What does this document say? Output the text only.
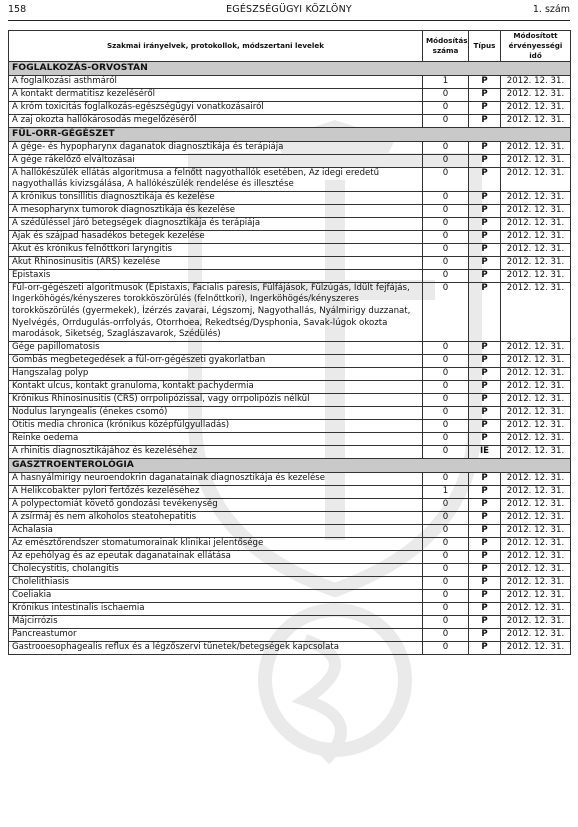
158	EGÉSZSÉGÜGYI KÖZLÖNY	1. szám
Szakmai irányelvek, protokollok, módszertani levelek	Módosítás száma	Típus	Módosított érvényességi idő
FOGLALKOZÁS-ORVOSTAN			
A foglalkozási asthmáról	1	P	2012. 12. 31.
A kontakt dermatitisz kezeléséről	0	P	2012. 12. 31.
A króm toxicitás foglalkozás-egészségügyi vonatkozásairól	0	P	2012. 12. 31.
A zaj okozta hallókárosodás megelőzéséről	0	P	2012. 12. 31.
FÜL-ORR-GÉGÉSZET			
A gége- és hypopharynx daganatok diagnosztikája és terápiája	0	P	2012. 12. 31.
A gége rákelőző elváltozásai	0	P	2012. 12. 31.
A hallókészülék ellátás algoritmusa a felnőtt nagyothallók esetében, Az idegi eredetű nagyothallás kivizsgálása, A hallókészülék rendelése és illesztése	0	P	2012. 12. 31.
A krónikus tonsillitis diagnosztikája és kezelése	0	P	2012. 12. 31.
A mesopharynx tumorok diagnosztikája és kezelése	0	P	2012. 12. 31.
A szédüléssel járó betegségek diagnosztikája és terápiája	0	P	2012. 12. 31.
Ajak és szájpad hasadékos betegek kezelése	0	P	2012. 12. 31.
Akut és krónikus felnőttkori laryngitis	0	P	2012. 12. 31.
Akut Rhinosinusitis (ARS) kezelése	0	P	2012. 12. 31.
Epistaxis	0	P	2012. 12. 31.
Fül-orr-gégészeti algoritmusok (Epistaxis, Facialis paresis, Fülfájások, Fülzúgás, Idült fejfájás, Ingerköhögés/kényszeres torokköszörülés (felnőttkori), Ingerköhögés/kényszeres torokköszörülés (gyermekek), Ízérzés zavarai, Légszomj, Nagyothallás, Nyálmirigy duzzanat, Nyelvégés, Orrdugulás-orrfolyás, Otorrhoea, Rekedtség/Dysphonia, Savak-lúgok okozta marodások, Siketség, Szaglászavarok, Szédülés)	0	P	2012. 12. 31.
Gége papillomatosis	0	P	2012. 12. 31.
Gombás megbetegedések a fül-orr-gégészeti gyakorlatban	0	P	2012. 12. 31.
Hangszalag polyp	0	P	2012. 12. 31.
Kontakt ulcus, kontakt granuloma, kontakt pachydermia	0	P	2012. 12. 31.
Krónikus Rhinosinusitis (CRS) orrpolipózissal, vagy orrpolipózis nélkül	0	P	2012. 12. 31.
Nodulus laryngealis (énekes csomó)	0	P	2012. 12. 31.
Otitis media chronica (krónikus középfülgyulladás)	0	P	2012. 12. 31.
Reinke oedema	0	P	2012. 12. 31.
A rhinitis diagnosztikájához és kezeléséhez	0	IE	2012. 12. 31.
GASZTROENTEROLÓGIA			
A hasnyálmirigy neuroendokrin daganatainak diagnosztikája és kezelése	0	P	2012. 12. 31.
A Helikcobakter pylori fertőzés kezeléséhez	1	P	2012. 12. 31.
A polypectomiát követő gondozási tevékenység	0	P	2012. 12. 31.
A zsírmáj és nem alkoholos steatohepatitis	0	P	2012. 12. 31.
Achalasia	0	P	2012. 12. 31.
Az emésztőrendszer stomatumorainak klinikai jelentősége	0	P	2012. 12. 31.
Az epehólyag és az epeutak daganatainak ellátása	0	P	2012. 12. 31.
Cholecystitis, cholangitis	0	P	2012. 12. 31.
Cholelithiasis	0	P	2012. 12. 31.
Coeliakia	0	P	2012. 12. 31.
Krónikus intestinalis ischaemia	0	P	2012. 12. 31.
Májcirrózis	0	P	2012. 12. 31.
Pancreastumor	0	P	2012. 12. 31.
Gastrooesophagealis reflux és a légzőszervi tünetek/betegségek kapcsolata	0	P	2012. 12. 31.
